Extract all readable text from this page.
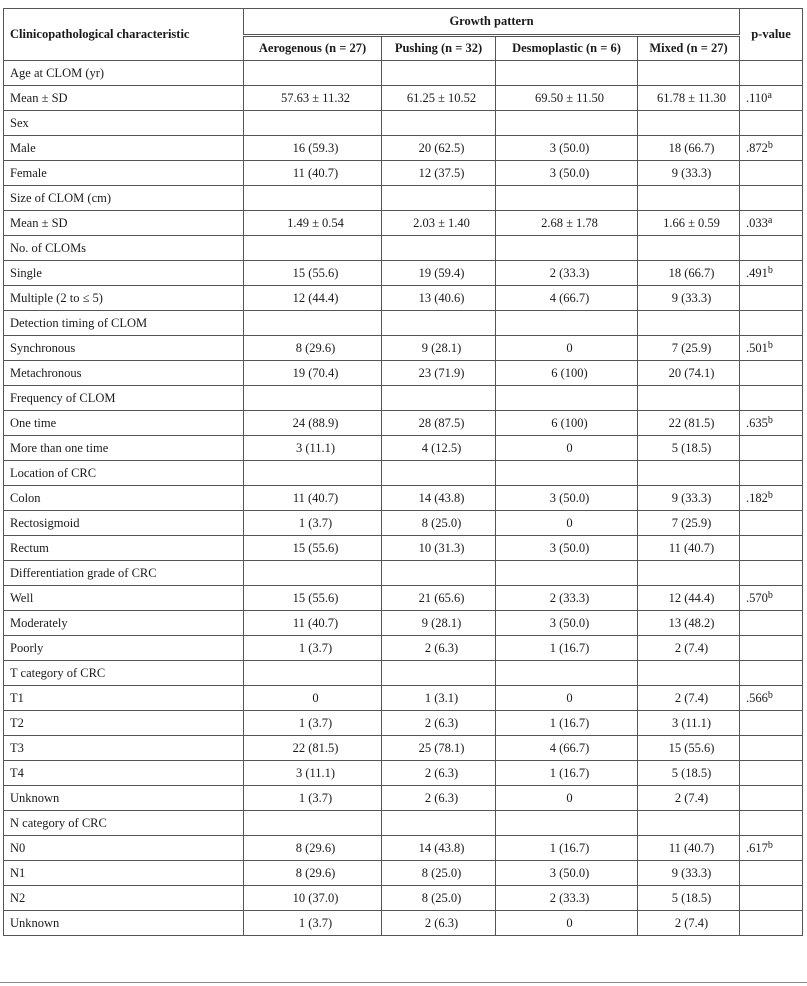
Clinicopathological characteristic	Growth pattern				p-value
	Aerogenous (n = 27)	Pushing (n = 32)	Desmoplastic (n = 6)	Mixed (n = 27)	
Age at CLOM (yr)					
Mean ± SD	57.63 ± 11.32	61.25 ± 10.52	69.50 ± 11.50	61.78 ± 11.30	.110$^a$
Sex					
Male	16 (59.3)	20 (62.5)	3 (50.0)	18 (66.7)	.872$^b$
Female	11 (40.7)	12 (37.5)	3 (50.0)	9 (33.3)	
Size of CLOM (cm)					
Mean ± SD	1.49 ± 0.54	2.03 ± 1.40	2.68 ± 1.78	1.66 ± 0.59	.033$^a$
No. of CLOMs					
Single	15 (55.6)	19 (59.4)	2 (33.3)	18 (66.7)	.491$^b$
Multiple (2 to ≤ 5)	12 (44.4)	13 (40.6)	4 (66.7)	9 (33.3)	
Detection timing of CLOM					
Synchronous	8 (29.6)	9 (28.1)	0	7 (25.9)	.501$^b$
Metachronous	19 (70.4)	23 (71.9)	6 (100)	20 (74.1)	
Frequency of CLOM					
One time	24 (88.9)	28 (87.5)	6 (100)	22 (81.5)	.635$^b$
More than one time	3 (11.1)	4 (12.5)	0	5 (18.5)	
Location of CRC					
Colon	11 (40.7)	14 (43.8)	3 (50.0)	9 (33.3)	.182$^b$
Rectosigmoid	1 (3.7)	8 (25.0)	0	7 (25.9)	
Rectum	15 (55.6)	10 (31.3)	3 (50.0)	11 (40.7)	
Differentiation grade of CRC					
Well	15 (55.6)	21 (65.6)	2 (33.3)	12 (44.4)	.570$^b$
Moderately	11 (40.7)	9 (28.1)	3 (50.0)	13 (48.2)	
Poorly	1 (3.7)	2 (6.3)	1 (16.7)	2 (7.4)	
T category of CRC					
T1	0	1 (3.1)	0	2 (7.4)	.566$^b$
T2	1 (3.7)	2 (6.3)	1 (16.7)	3 (11.1)	
T3	22 (81.5)	25 (78.1)	4 (66.7)	15 (55.6)	
T4	3 (11.1)	2 (6.3)	1 (16.7)	5 (18.5)	
Unknown	1 (3.7)	2 (6.3)	0	2 (7.4)	
N category of CRC					
N0	8 (29.6)	14 (43.8)	1 (16.7)	11 (40.7)	.617$^b$
N1	8 (29.6)	8 (25.0)	3 (50.0)	9 (33.3)	
N2	10 (37.0)	8 (25.0)	2 (33.3)	5 (18.5)	
Unknown	1 (3.7)	2 (6.3)	0	2 (7.4)	
